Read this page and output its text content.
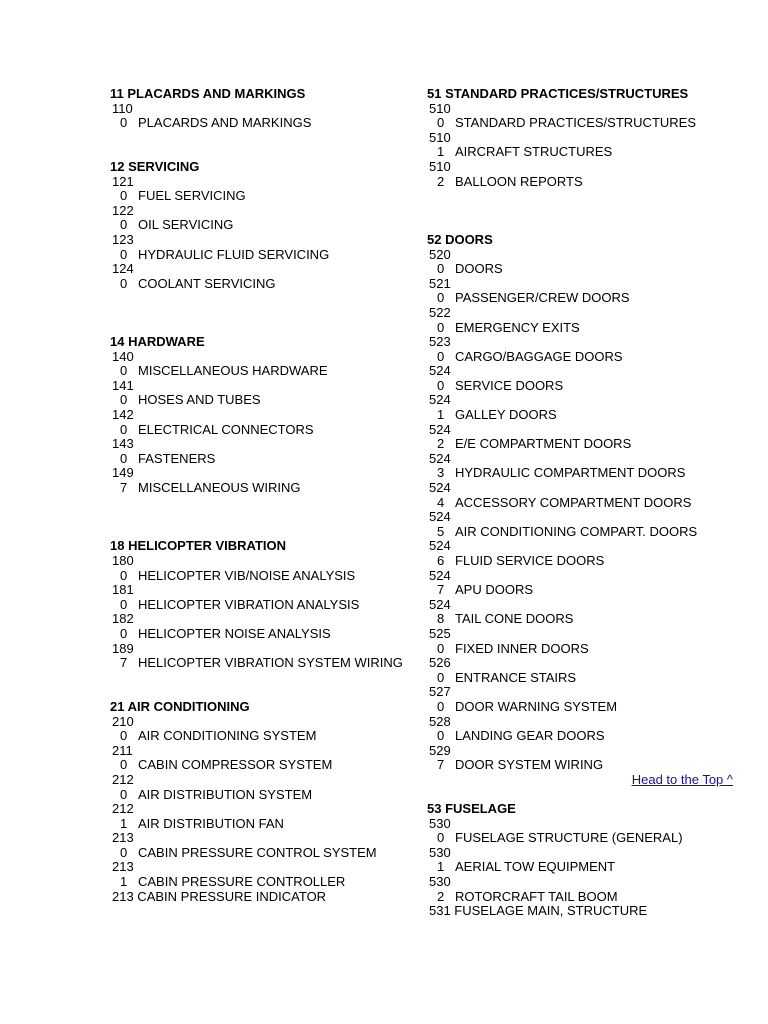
11 PLACARDS AND MARKINGS
110
0 PLACARDS AND MARKINGS
12 SERVICING
121
0 FUEL SERVICING
122
0 OIL SERVICING
123
0 HYDRAULIC FLUID SERVICING
124
0 COOLANT SERVICING
14 HARDWARE
140
0 MISCELLANEOUS HARDWARE
141
0 HOSES AND TUBES
142
0 ELECTRICAL CONNECTORS
143
0 FASTENERS
149
7 MISCELLANEOUS WIRING
18 HELICOPTER VIBRATION
180
0 HELICOPTER VIB/NOISE ANALYSIS
181
0 HELICOPTER VIBRATION ANALYSIS
182
0 HELICOPTER NOISE ANALYSIS
189
7 HELICOPTER VIBRATION SYSTEM WIRING
21 AIR CONDITIONING
210
0 AIR CONDITIONING SYSTEM
211
0 CABIN COMPRESSOR SYSTEM
212
0 AIR DISTRIBUTION SYSTEM
212
1 AIR DISTRIBUTION FAN
213
0 CABIN PRESSURE CONTROL SYSTEM
213
1 CABIN PRESSURE CONTROLLER
213 CABIN PRESSURE INDICATOR
51 STANDARD PRACTICES/STRUCTURES
510
0 STANDARD PRACTICES/STRUCTURES
510
1 AIRCRAFT STRUCTURES
510
2 BALLOON REPORTS
52 DOORS
520
0 DOORS
521
0 PASSENGER/CREW DOORS
522
0 EMERGENCY EXITS
523
0 CARGO/BAGGAGE DOORS
524
0 SERVICE DOORS
524
1 GALLEY DOORS
524
2 E/E COMPARTMENT DOORS
524
3 HYDRAULIC COMPARTMENT DOORS
524
4 ACCESSORY COMPARTMENT DOORS
524
5 AIR CONDITIONING COMPART. DOORS
524
6 FLUID SERVICE DOORS
524
7 APU DOORS
524
8 TAIL CONE DOORS
525
0 FIXED INNER DOORS
526
0 ENTRANCE STAIRS
527
0 DOOR WARNING SYSTEM
528
0 LANDING GEAR DOORS
529
7 DOOR SYSTEM WIRING
Head to the Top ^
53 FUSELAGE
530
0 FUSELAGE STRUCTURE (GENERAL)
530
1 AERIAL TOW EQUIPMENT
530
2 ROTORCRAFT TAIL BOOM
531 FUSELAGE MAIN, STRUCTURE
